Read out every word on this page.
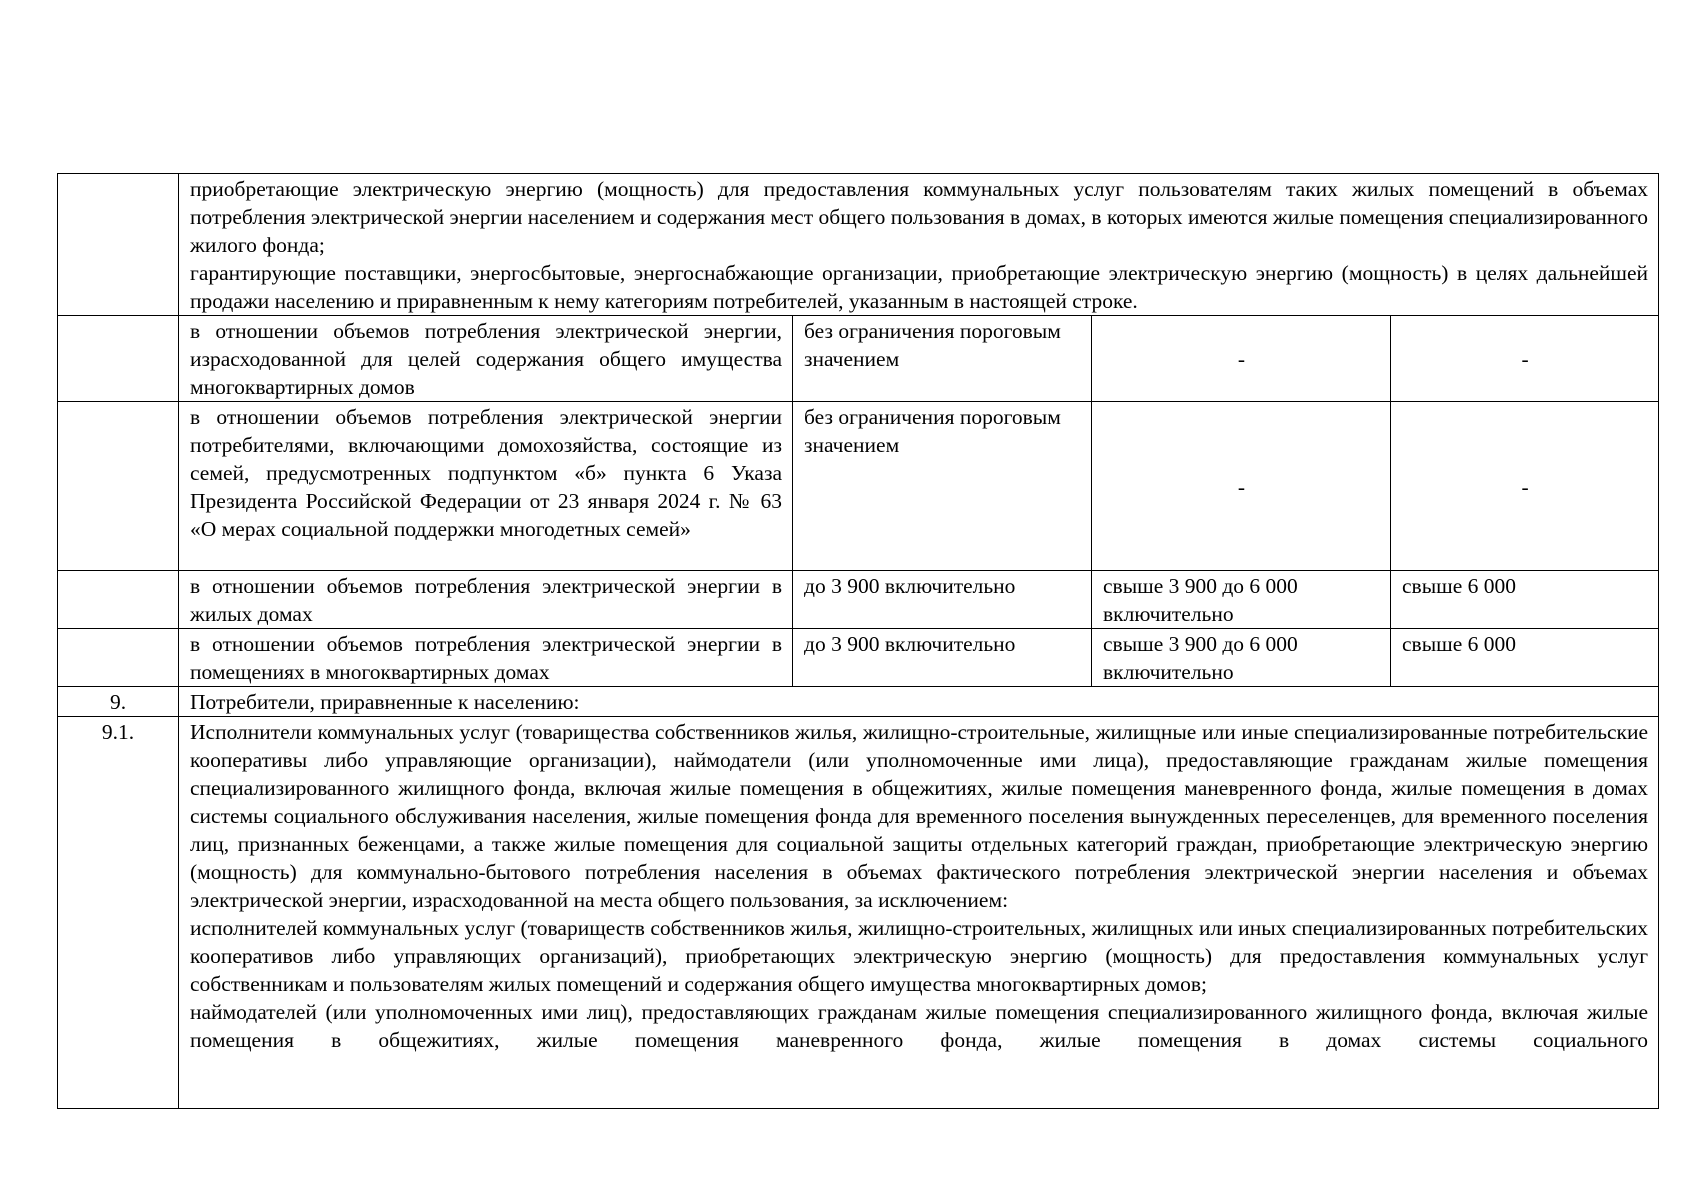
	приобретающие электрическую энергию (мощность) для предоставления коммунальных услуг пользователям таких жилых помещений в объемах потребления электрической энергии населением и содержания мест общего пользования в домах, в которых имеются жилые помещения специализированного жилого фонда;

гарантирующие поставщики, энергосбытовые, энергоснабжающие организации, приобретающие электрическую энергию (мощность) в целях дальнейшей продажи населению и приравненным к нему категориям потребителей, указанным в настоящей строке.			

	в отношении объемов потребления электрической энергии, израсходованной для целей содержания общего имущества многоквартирных домов	без ограничения пороговым значением	-	-
	в отношении объемов потребления электрической энергии потребителями, включающими домохозяйства, состоящие из семей, предусмотренных подпунктом «б» пункта 6 Указа Президента Российской Федерации от 23 января 2024 г. № 63 «О мерах социальной поддержки многодетных семей»	без ограничения пороговым значением	-	-
	в отношении объемов потребления электрической энергии в жилых домах	до 3 900 включительно	свыше 3 900 до 6 000 включительно	свыше 6 000
	в отношении объемов потребления электрической энергии в помещениях в многоквартирных домах	до 3 900 включительно	свыше 3 900 до 6 000 включительно	свыше 6 000
9.	Потребители, приравненные к населению:			
9.1.	Исполнители коммунальных услуг (товарищества собственников жилья, жилищно-строительные, жилищные или иные специализированные потребительские кооперативы либо управляющие организации), наймодатели (или уполномоченные ими лица), предоставляющие гражданам жилые помещения специализированного жилищного фонда, включая жилые помещения в общежитиях, жилые помещения маневренного фонда, жилые помещения в домах системы социального обслуживания населения, жилые помещения фонда для временного поселения вынужденных переселенцев, для временного поселения лиц, признанных беженцами, а также жилые помещения для социальной защиты отдельных категорий граждан, приобретающие электрическую энергию (мощность) для коммунально-бытового потребления населения в объемах фактического потребления электрической энергии населения и объемах электрической энергии, израсходованной на места общего пользования, за исключением:

исполнителей коммунальных услуг (товариществ собственников жилья, жилищно-строительных, жилищных или иных специализированных потребительских кооперативов либо управляющих организаций), приобретающих электрическую энергию (мощность) для предоставления коммунальных услуг собственникам и пользователям жилых помещений и содержания общего имущества многоквартирных домов;

наймодателей (или уполномоченных ими лиц), предоставляющих гражданам жилые помещения специализированного жилищного фонда, включая жилые помещения в общежитиях, жилые помещения маневренного фонда, жилые помещения в домах системы социального			
